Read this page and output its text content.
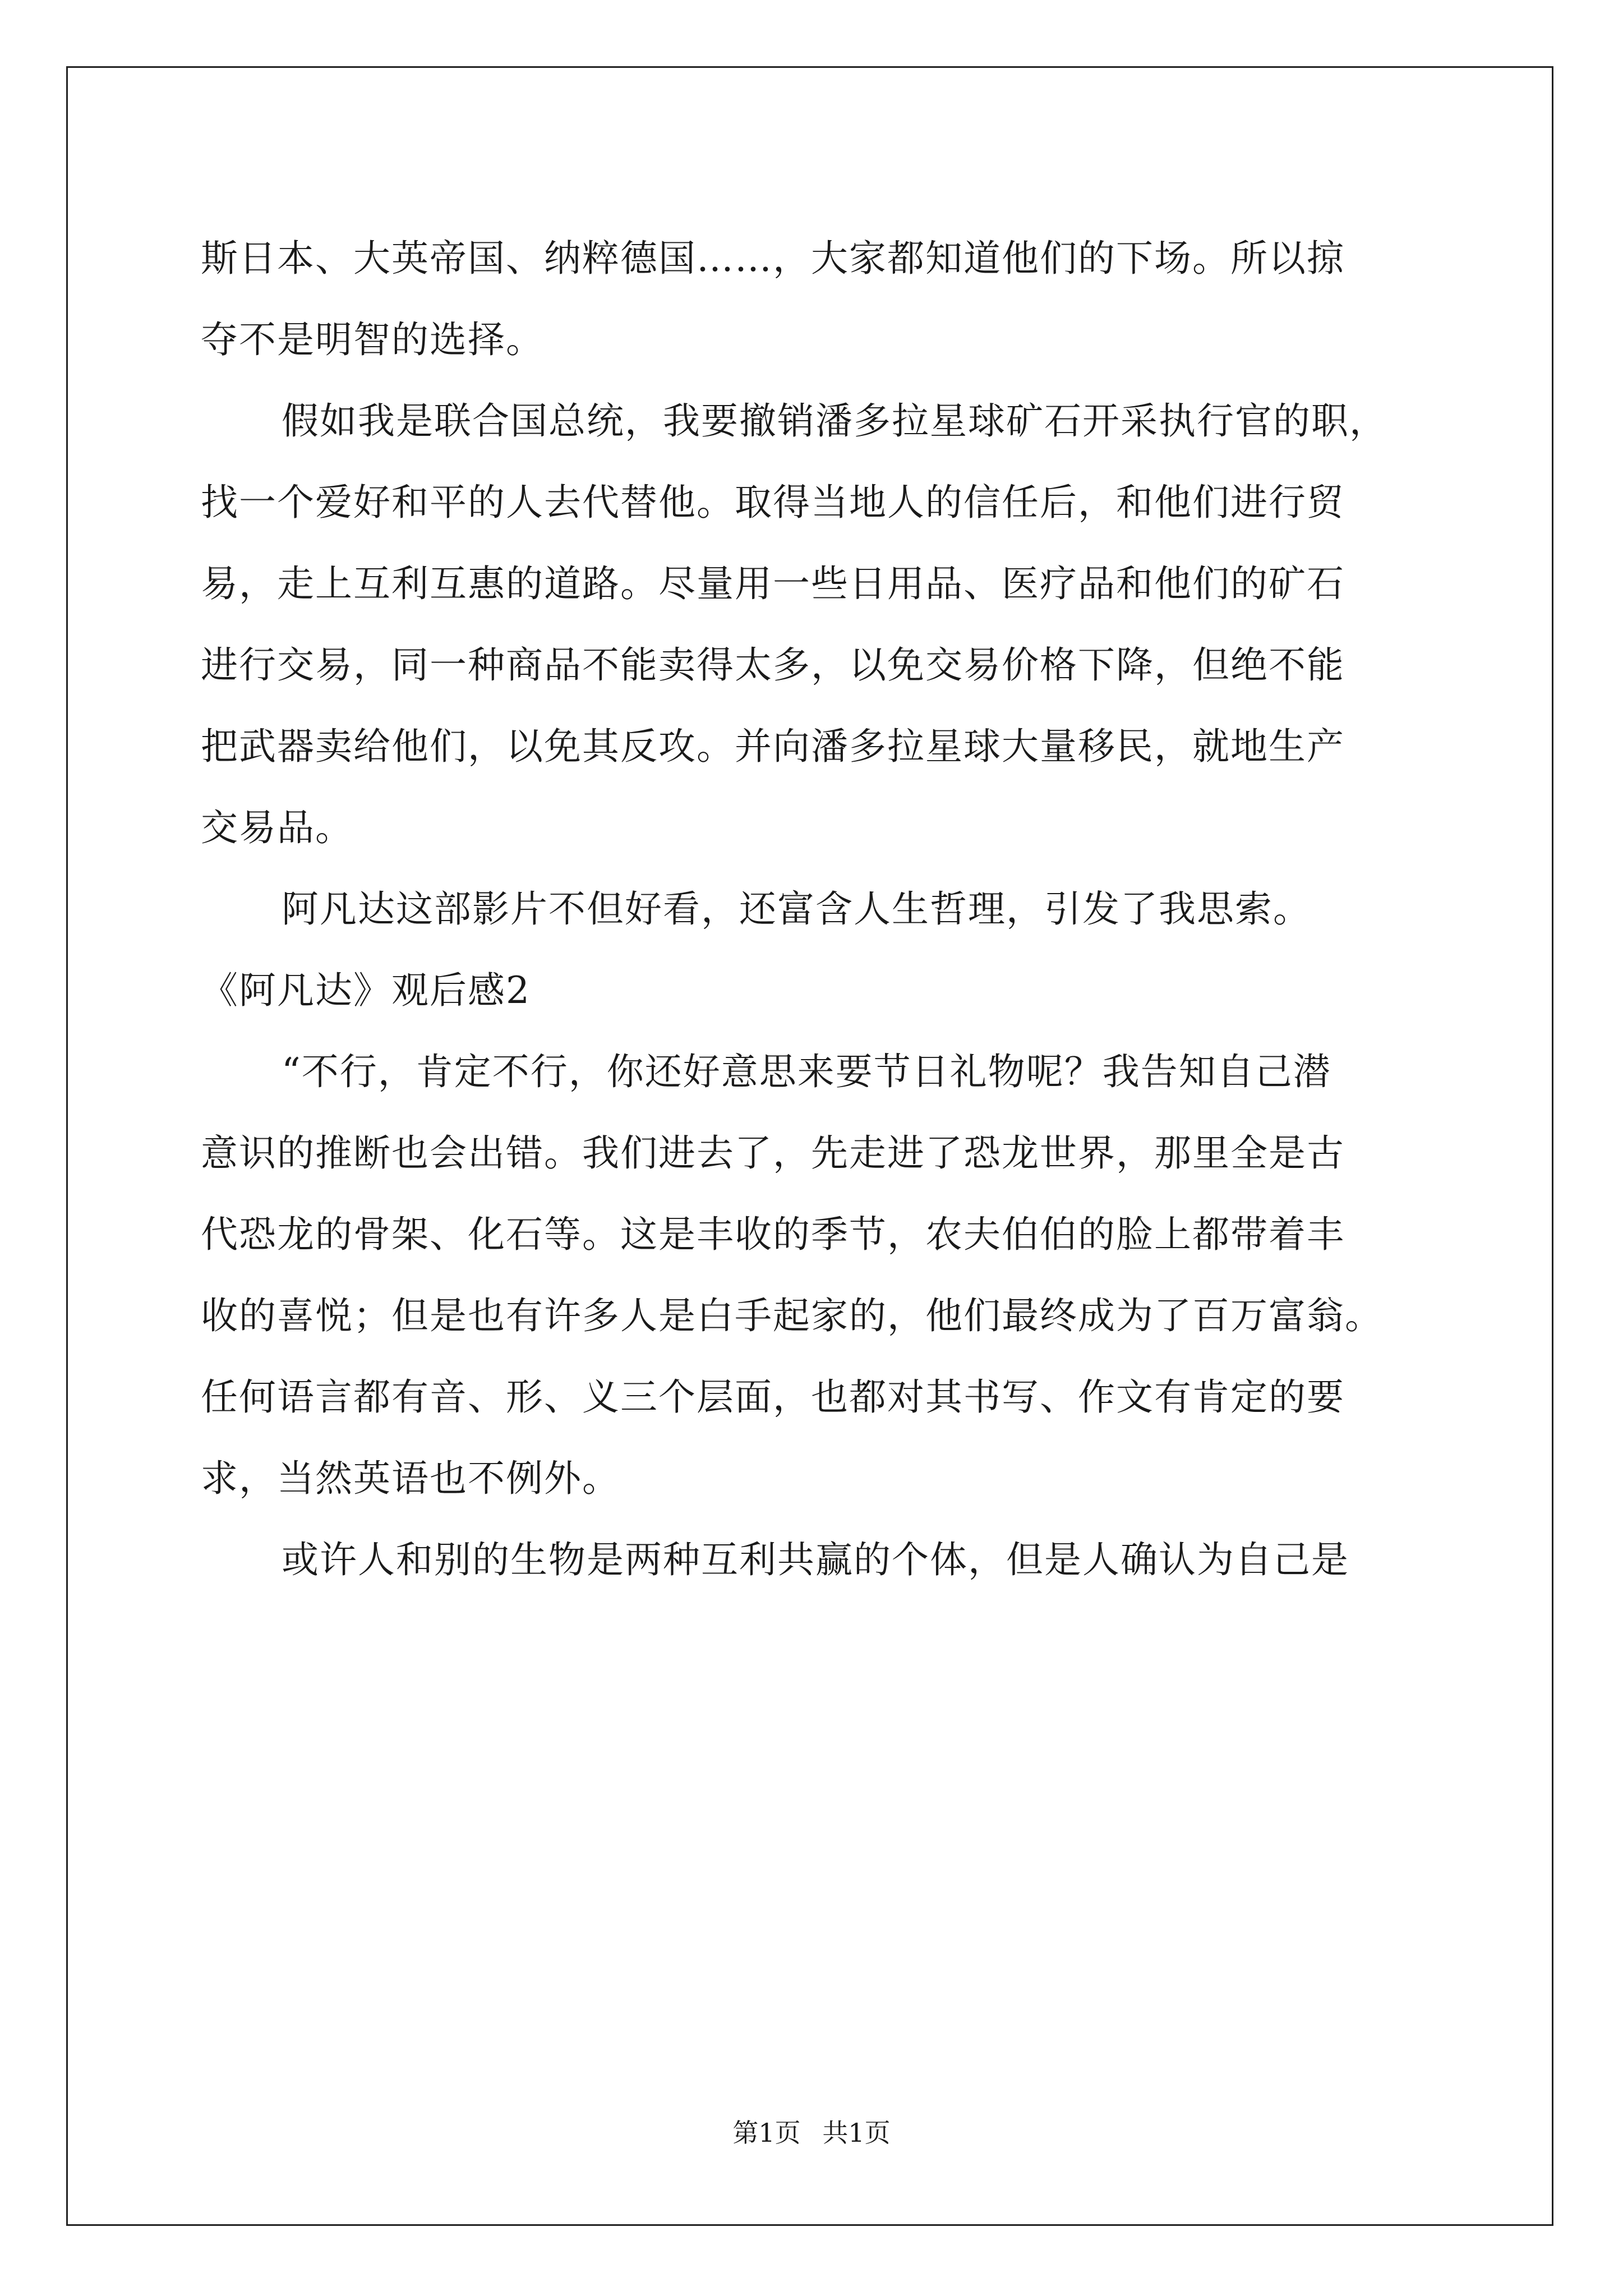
斯日本、大英帝国、纳粹德国……，大家都知道他们的下场。所以掠
夺不是明智的选择。
假如我是联合国总统，我要撤销潘多拉星球矿石开采执行官的职，
找一个爱好和平的人去代替他。取得当地人的信任后，和他们进行贸
易，走上互利互惠的道路。尽量用一些日用品、医疗品和他们的矿石
进行交易，同一种商品不能卖得太多，以免交易价格下降，但绝不能
把武器卖给他们，以免其反攻。并向潘多拉星球大量移民，就地生产
交易品。
阿凡达这部影片不但好看，还富含人生哲理，引发了我思索。
《阿凡达》观后感2
“不行，肯定不行，你还好意思来要节日礼物呢？我告知自己潜
意识的推断也会出错。我们进去了，先走进了恐龙世界，那里全是古
代恐龙的骨架、化石等。这是丰收的季节，农夫伯伯的脸上都带着丰
收的喜悦；但是也有许多人是白手起家的，他们最终成为了百万富翁。
任何语言都有音、形、义三个层面，也都对其书写、作文有肯定的要
求，当然英语也不例外。
或许人和别的生物是两种互利共赢的个体，但是人确认为自己是
第1页 共1页
